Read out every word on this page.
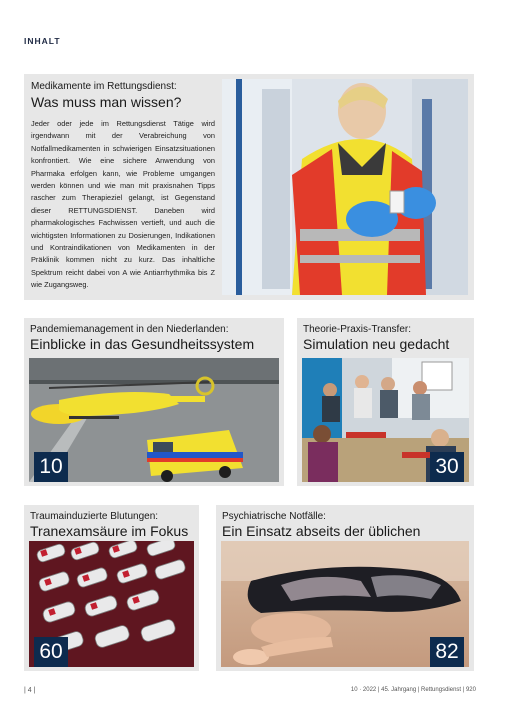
INHALT
Medikamente im Rettungsdienst:
Was muss man wissen?
Jeder oder jede im Rettungsdienst Tätige wird irgendwann mit der Verabreichung von Notfallmedikamenten in schwierigen Einsatzsituationen konfrontiert. Wie eine sichere Anwendung von Pharmaka erfolgen kann, wie Probleme umgangen werden können und wie man mit praxisnahen Tipps rascher zum Therapieziel gelangt, ist Gegenstand dieser RETTUNGSDIENST. Daneben wird pharmakologisches Fachwissen vertieft, und auch die wichtigsten Informationen zu Dosierungen, Indikationen und Kontraindikationen von Medikamenten in der Präklinik kommen nicht zu kurz. Das inhaltliche Spektrum reicht dabei von A wie Antiarrhythmika bis Z wie Zugangsweg.
Pandemiemanagement in den Niederlanden:
Einblicke in das Gesundheitssystem
10
Theorie-Praxis-Transfer:
Simulation neu gedacht
30
Traumainduzierte Blutungen:
Tranexamsäure im Fokus
60
Psychiatrische Notfälle:
Ein Einsatz abseits der üblichen
82
| 4 |	10 · 2022 | 45. Jahrgang | Rettungsdienst | 920
